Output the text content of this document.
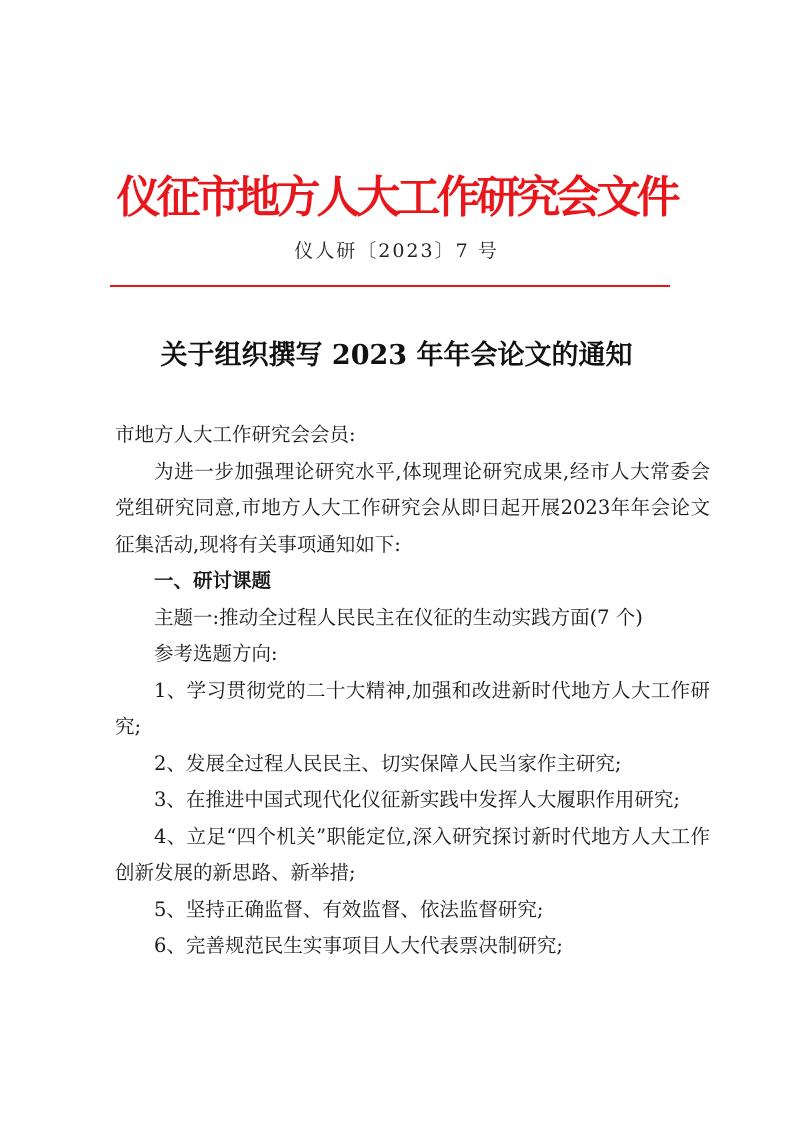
仪征市地方人大工作研究会文件
仪人研〔2023〕7 号
关于组织撰写 2023 年年会论文的通知

市地方人大工作研究会会员:

为进一步加强理论研究水平,体现理论研究成果,经市人大常委会党组研究同意,市地方人大工作研究会从即日起开展2023年年会论文征集活动,现将有关事项通知如下:

一、研讨课题

主题一:推动全过程人民民主在仪征的生动实践方面(7 个)

参考选题方向:

1、学习贯彻党的二十大精神,加强和改进新时代地方人大工作研究;

2、发展全过程人民民主、切实保障人民当家作主研究;

3、在推进中国式现代化仪征新实践中发挥人大履职作用研究;

4、立足“四个机关”职能定位,深入研究探讨新时代地方人大工作创新发展的新思路、新举措;

5、坚持正确监督、有效监督、依法监督研究;

6、完善规范民生实事项目人大代表票决制研究;
